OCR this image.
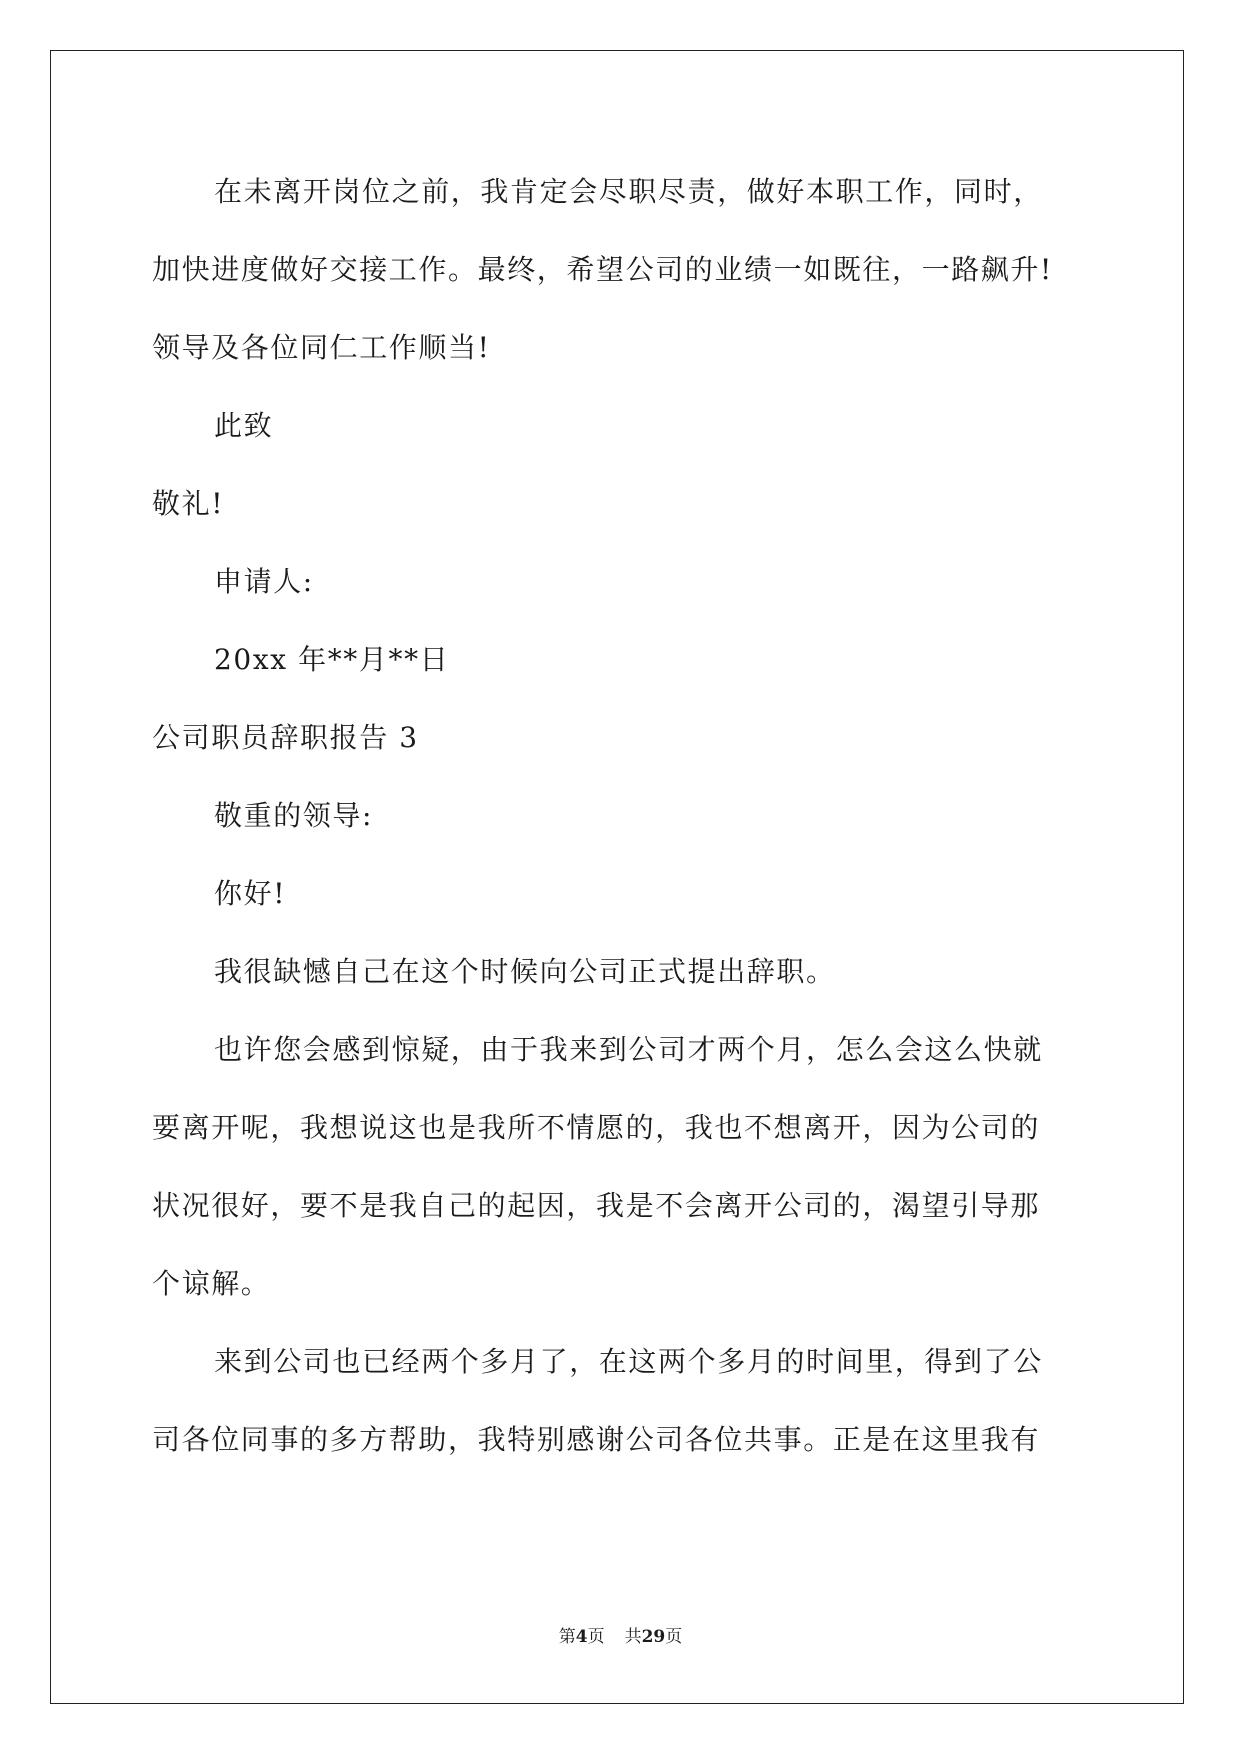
在未离开岗位之前，我肯定会尽职尽责，做好本职工作，同时，
加快进度做好交接工作。最终，希望公司的业绩一如既往，一路飙升!
领导及各位同仁工作顺当!
此致
敬礼!
申请人:
20xx 年**月**日
公司职员辞职报告 3
敬重的领导:
你好!
我很缺憾自己在这个时候向公司正式提出辞职。
也许您会感到惊疑，由于我来到公司才两个月，怎么会这么快就
要离开呢，我想说这也是我所不情愿的，我也不想离开，因为公司的
状况很好，要不是我自己的起因，我是不会离开公司的，渴望引导那
个谅解。
来到公司也已经两个多月了，在这两个多月的时间里，得到了公
司各位同事的多方帮助，我特别感谢公司各位共事。正是在这里我有
第4页 共29页
